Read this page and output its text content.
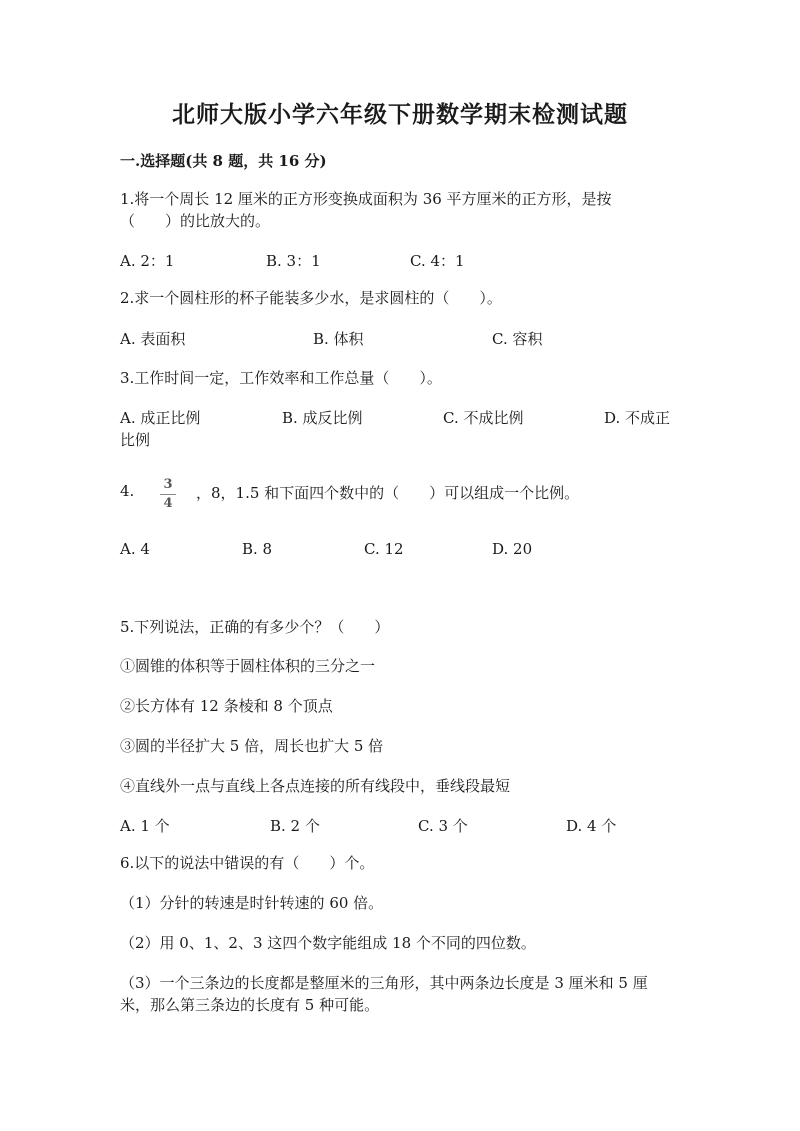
北师大版小学六年级下册数学期末检测试题
一.选择题(共 8 题，共 16 分)
1.将一个周长 12 厘米的正方形变换成面积为 36 平方厘米的正方形，是按
（　　）的比放大的。
A. 2：1	B. 3：1	C. 4：1
2.求一个圆柱形的杯子能装多少水，是求圆柱的（　　）。
A. 表面积	B. 体积	C. 容积
3.工作时间一定，工作效率和工作总量（　　）。
A. 成正比例	B. 成反比例	C. 不成比例	D. 不成正
比例
4.	3
4
，8，1.5 和下面四个数中的（　　）可以组成一个比例。
A. 4	B. 8	C. 12	D. 20
5.下列说法，正确的有多少个？（　　）
①圆锥的体积等于圆柱体积的三分之一
②长方体有 12 条棱和 8 个顶点
③圆的半径扩大 5 倍，周长也扩大 5 倍
④直线外一点与直线上各点连接的所有线段中，垂线段最短
A. 1 个	B. 2 个	C. 3 个	D. 4 个
6.以下的说法中错误的有（　　）个。
（1）分针的转速是时针转速的 60 倍。
（2）用 0、1、2、3 这四个数字能组成 18 个不同的四位数。
（3）一个三条边的长度都是整厘米的三角形，其中两条边长度是 3 厘米和 5 厘
米，那么第三条边的长度有 5 种可能。
